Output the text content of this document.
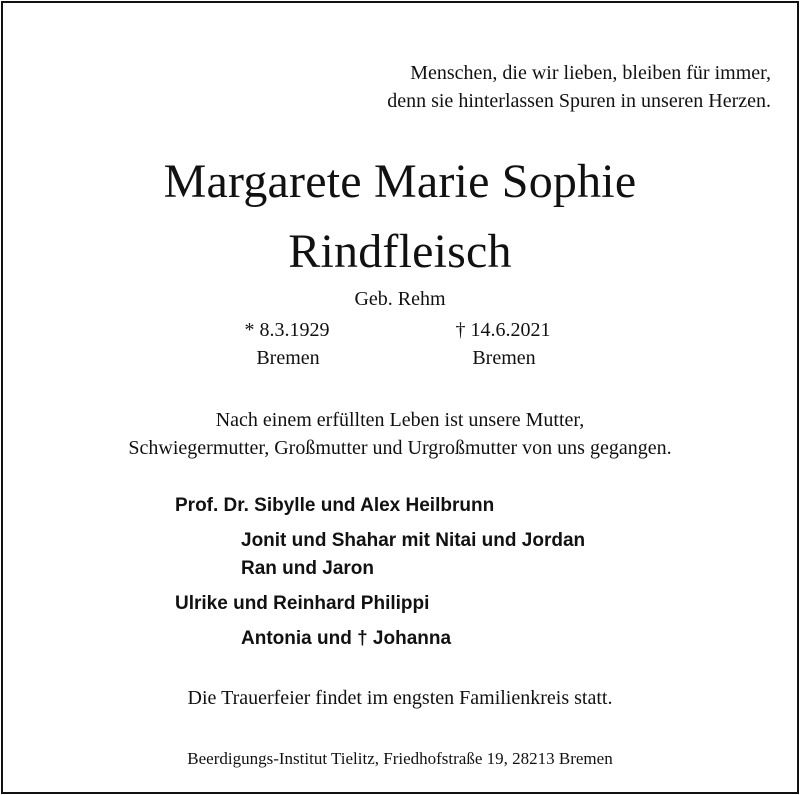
Menschen, die wir lieben, bleiben für immer,

denn sie hinterlassen Spuren in unseren Herzen.

Margarete Marie Sophie
Rindfleisch

Geb. Rehm

* 8.3.1929

Bremen

† 14.6.2021

Bremen

Nach einem erfüllten Leben ist unsere Mutter,

Schwiegermutter, Großmutter und Urgroßmutter von uns gegangen.

Prof. Dr. Sibylle und Alex Heilbrunn

Jonit und Shahar mit Nitai und Jordan

Ran und Jaron

Ulrike und Reinhard Philippi

Antonia und † Johanna

Die Trauerfeier findet im engsten Familienkreis statt.

Beerdigungs-Institut Tielitz, Friedhofstraße 19, 28213 Bremen
